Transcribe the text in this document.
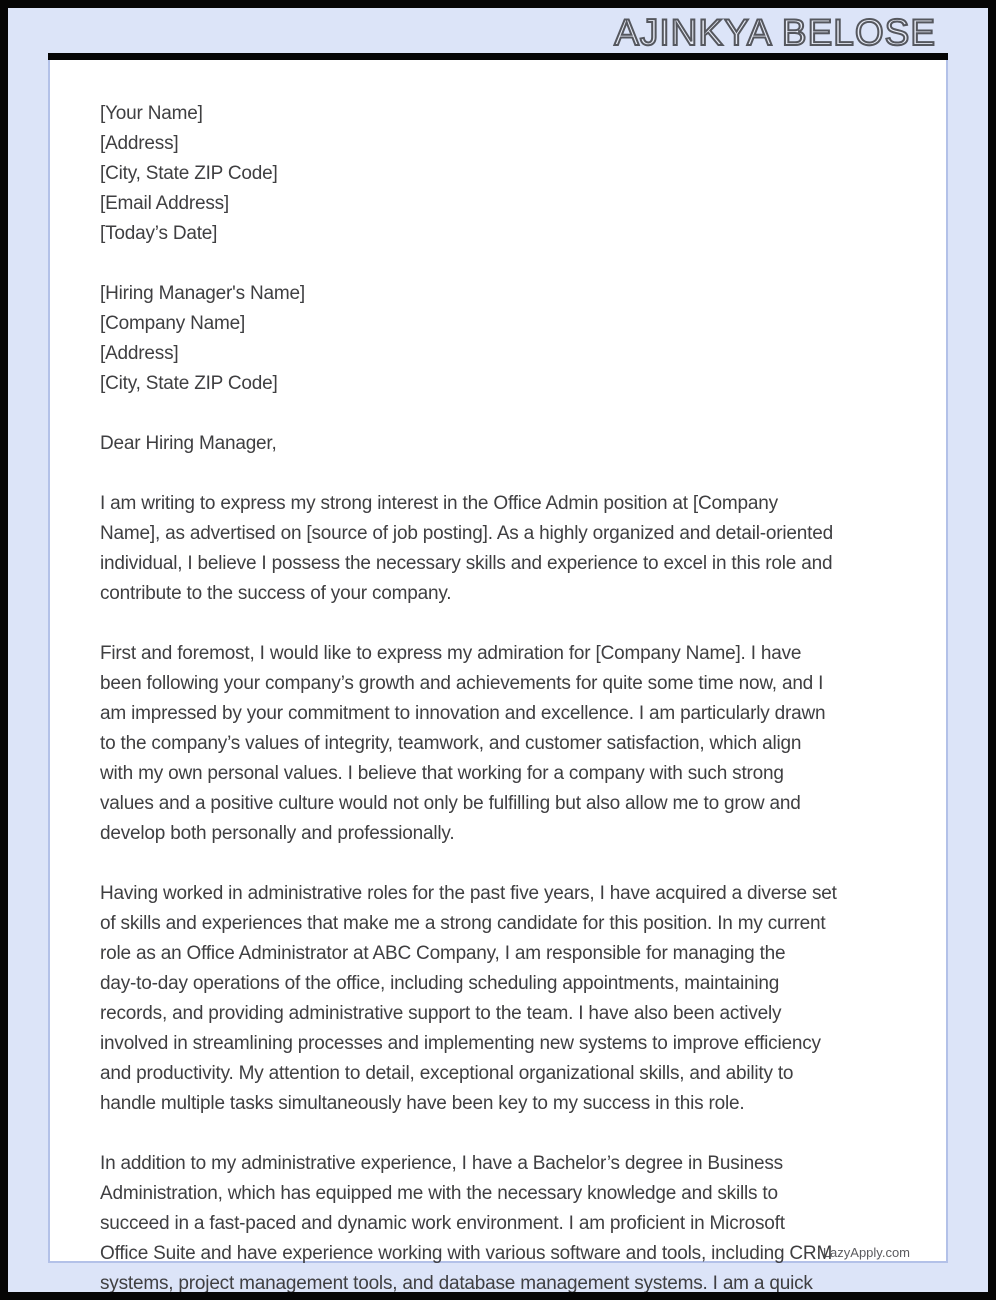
AJINKYA BELOSE
[Your Name]
[Address]
[City, State ZIP Code]
[Email Address]
[Today’s Date]
[Hiring Manager's Name]
[Company Name]
[Address]
[City, State ZIP Code]
Dear Hiring Manager,
I am writing to express my strong interest in the Office Admin position at [Company
Name], as advertised on [source of job posting]. As a highly organized and detail-oriented
individual, I believe I possess the necessary skills and experience to excel in this role and
contribute to the success of your company.
First and foremost, I would like to express my admiration for [Company Name]. I have
been following your company’s growth and achievements for quite some time now, and I
am impressed by your commitment to innovation and excellence. I am particularly drawn
to the company’s values of integrity, teamwork, and customer satisfaction, which align
with my own personal values. I believe that working for a company with such strong
values and a positive culture would not only be fulfilling but also allow me to grow and
develop both personally and professionally.
Having worked in administrative roles for the past five years, I have acquired a diverse set
of skills and experiences that make me a strong candidate for this position. In my current
role as an Office Administrator at ABC Company, I am responsible for managing the
day-to-day operations of the office, including scheduling appointments, maintaining
records, and providing administrative support to the team. I have also been actively
involved in streamlining processes and implementing new systems to improve efficiency
and productivity. My attention to detail, exceptional organizational skills, and ability to
handle multiple tasks simultaneously have been key to my success in this role.
In addition to my administrative experience, I have a Bachelor’s degree in Business
Administration, which has equipped me with the necessary knowledge and skills to
succeed in a fast-paced and dynamic work environment. I am proficient in Microsoft
Office Suite and have experience working with various software and tools, including CRM
systems, project management tools, and database management systems. I am a quick
LazyApply.com
